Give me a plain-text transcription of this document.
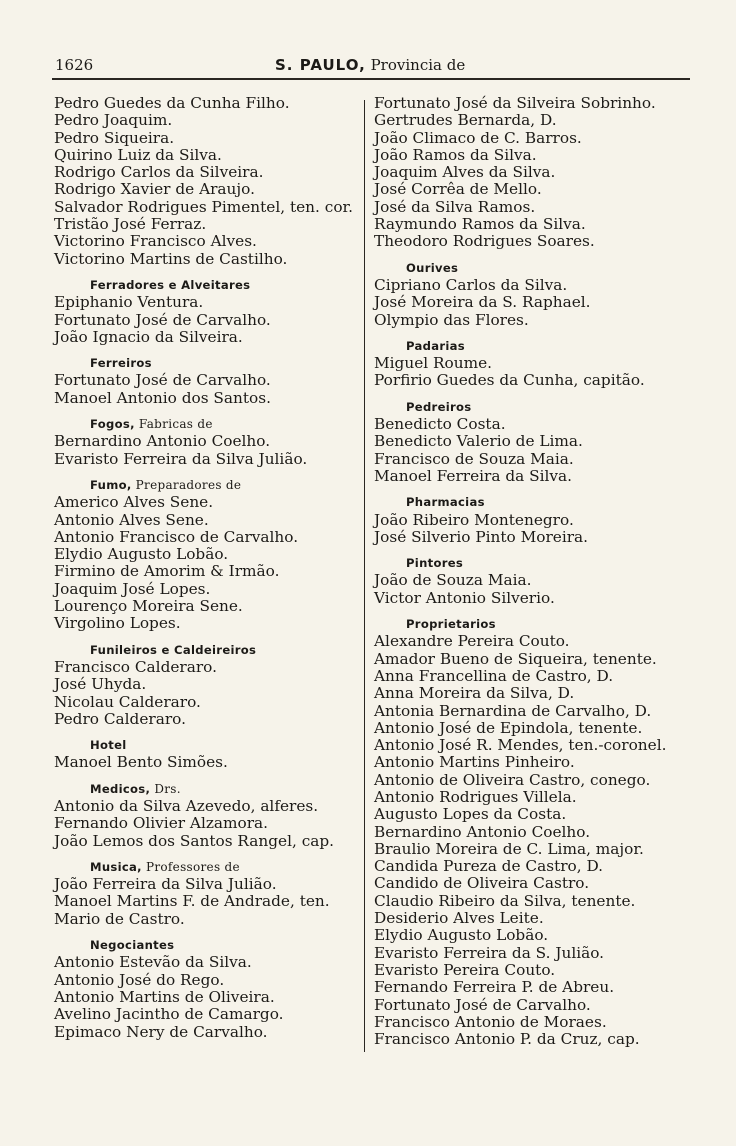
1626	S. PAULO, Provincia de
Pedro Guedes da Cunha Filho.
Pedro Joaquim.
Pedro Siqueira.
Quirino Luiz da Silva.
Rodrigo Carlos da Silveira.
Rodrigo Xavier de Araujo.
Salvador Rodrigues Pimentel, ten. cor.
Tristão José Ferraz.
Victorino Francisco Alves.
Victorino Martins de Castilho.
Ferradores e Alveitares
Epiphanio Ventura.
Fortunato José de Carvalho.
João Ignacio da Silveira.
Ferreiros
Fortunato José de Carvalho.
Manoel Antonio dos Santos.
Fogos, Fabricas de
Bernardino Antonio Coelho.
Evaristo Ferreira da Silva Julião.
Fumo, Preparadores de
Americo Alves Sene.
Antonio Alves Sene.
Antonio Francisco de Carvalho.
Elydio Augusto Lobão.
Firmino de Amorim & Irmão.
Joaquim José Lopes.
Lourenço Moreira Sene.
Virgolino Lopes.
Funileiros e Caldeireiros
Francisco Calderaro.
José Uhyda.
Nicolau Calderaro.
Pedro Calderaro.
Hotel
Manoel Bento Simões.
Medicos, Drs.
Antonio da Silva Azevedo, alferes.
Fernando Olivier Alzamora.
João Lemos dos Santos Rangel, cap.
Musica, Professores de
João Ferreira da Silva Julião.
Manoel Martins F. de Andrade, ten.
Mario de Castro.
Negociantes
Antonio Estevão da Silva.
Antonio José do Rego.
Antonio Martins de Oliveira.
Avelino Jacintho de Camargo.
Epimaco Nery de Carvalho.
Fortunato José da Silveira Sobrinho.
Gertrudes Bernarda, D.
João Climaco de C. Barros.
João Ramos da Silva.
Joaquim Alves da Silva.
José Corrêa de Mello.
José da Silva Ramos.
Raymundo Ramos da Silva.
Theodoro Rodrigues Soares.
Ourives
Cipriano Carlos da Silva.
José Moreira da S. Raphael.
Olympio das Flores.
Padarias
Miguel Roume.
Porfirio Guedes da Cunha, capitão.
Pedreiros
Benedicto Costa.
Benedicto Valerio de Lima.
Francisco de Souza Maia.
Manoel Ferreira da Silva.
Pharmacias
João Ribeiro Montenegro.
José Silverio Pinto Moreira.
Pintores
João de Souza Maia.
Victor Antonio Silverio.
Proprietarios
Alexandre Pereira Couto.
Amador Bueno de Siqueira, tenente.
Anna Francellina de Castro, D.
Anna Moreira da Silva, D.
Antonia Bernardina de Carvalho, D.
Antonio José de Epindola, tenente.
Antonio José R. Mendes, ten.-coronel.
Antonio Martins Pinheiro.
Antonio de Oliveira Castro, conego.
Antonio Rodrigues Villela.
Augusto Lopes da Costa.
Bernardino Antonio Coelho.
Braulio Moreira de C. Lima, major.
Candida Pureza de Castro, D.
Candido de Oliveira Castro.
Claudio Ribeiro da Silva, tenente.
Desiderio Alves Leite.
Elydio Augusto Lobão.
Evaristo Ferreira da S. Julião.
Evaristo Pereira Couto.
Fernando Ferreira P. de Abreu.
Fortunato José de Carvalho.
Francisco Antonio de Moraes.
Francisco Antonio P. da Cruz, cap.
